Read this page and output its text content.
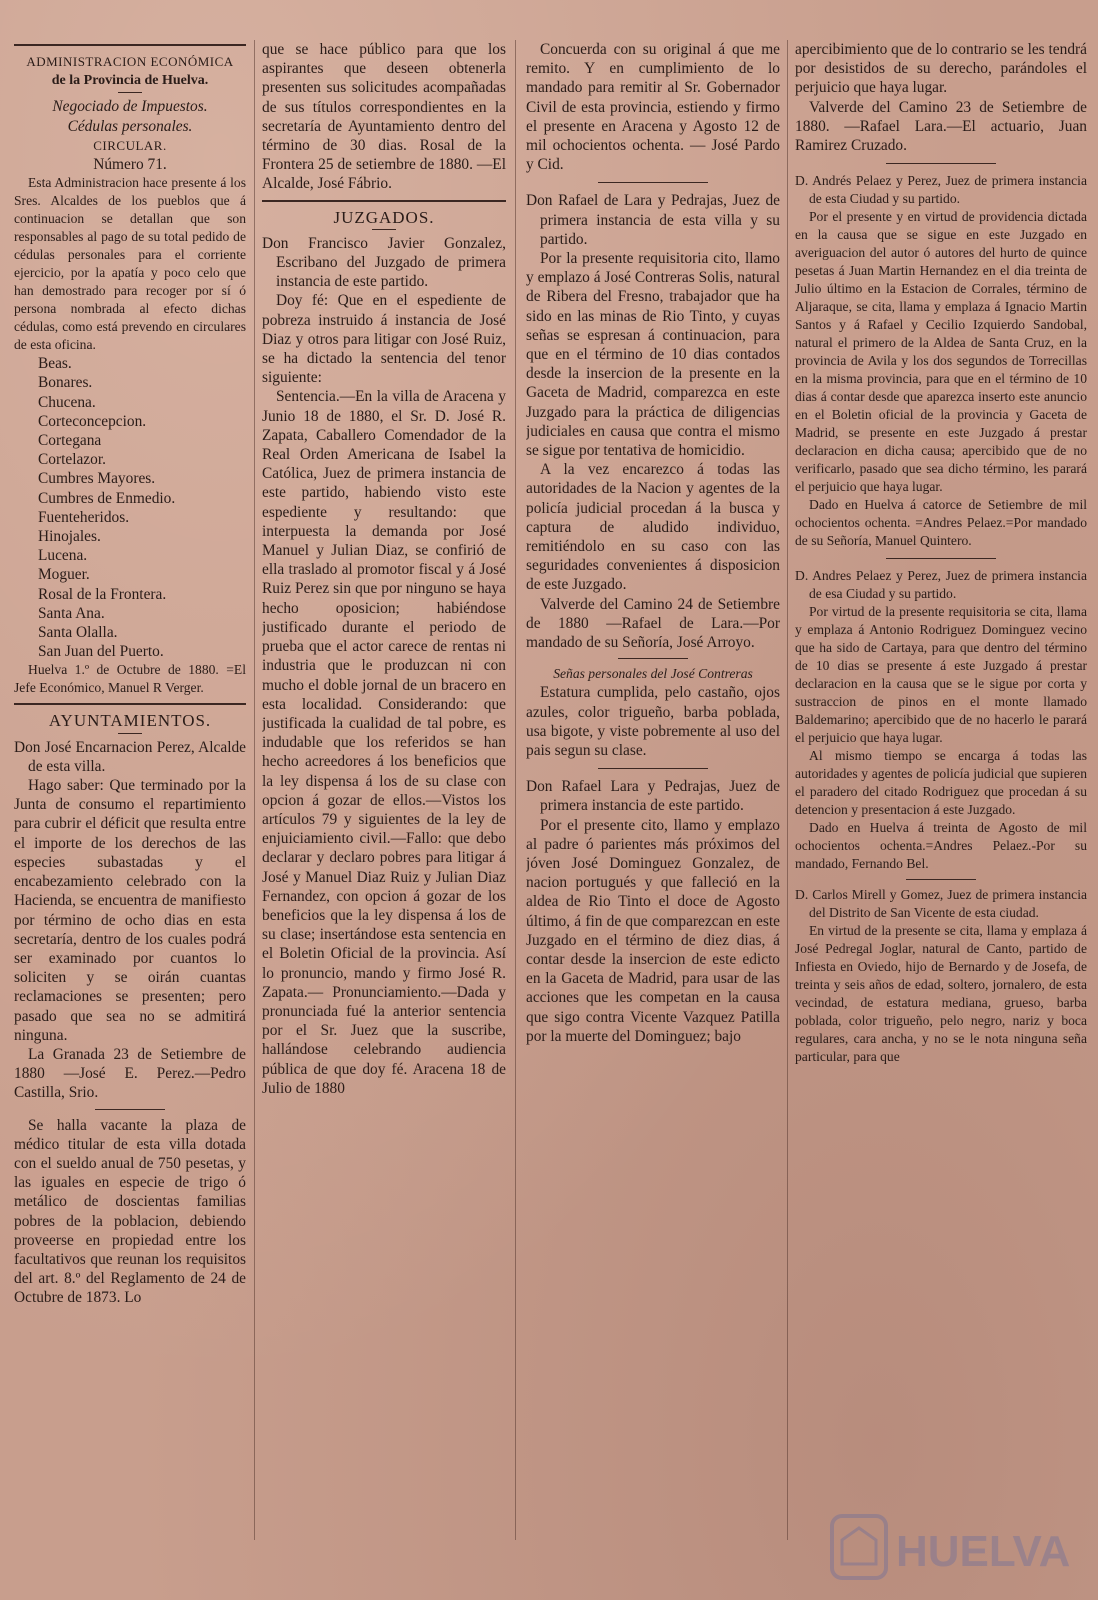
ADMINISTRACION ECONÓMICA

de la Provincia de Huelva.

Negociado de Impuestos.

Cédulas personales.

CIRCULAR.

Número 71.

Esta Administracion hace presente á los Sres. Alcaldes de los pueblos que á continuacion se detallan que son responsables al pago de su total pedido de cédulas personales para el corriente ejercicio, por la apatía y poco celo que han demostrado para recoger por sí ó persona nombrada al efecto dichas cédulas, como está prevendo en circulares de esta oficina.

Beas.

Bonares.

Chucena.

Corteconcepcion.

Cortegana

Cortelazor.

Cumbres Mayores.

Cumbres de Enmedio.

Fuenteheridos.

Hinojales.

Lucena.

Moguer.

Rosal de la Frontera.

Santa Ana.

Santa Olalla.

San Juan del Puerto.

Huelva 1.º de Octubre de 1880. =El Jefe Económico, Manuel R Verger.

AYUNTAMIENTOS.

Don José Encarnacion Perez, Alcalde de esta villa.

Hago saber: Que terminado por la Junta de consumo el repartimiento para cubrir el déficit que resulta entre el importe de los derechos de las especies subastadas y el encabezamiento celebrado con la Hacienda, se encuentra de manifiesto por término de ocho dias en esta secretaría, dentro de los cuales podrá ser examinado por cuantos lo soliciten y se oirán cuantas reclamaciones se presenten; pero pasado que sea no se admitirá ninguna.

La Granada 23 de Setiembre de 1880 —José E. Perez.—Pedro Castilla, Srio.

Se halla vacante la plaza de médico titular de esta villa dotada con el sueldo anual de 750 pesetas, y las iguales en especie de trigo ó metálico de doscientas familias pobres de la poblacion, debiendo proveerse en propiedad entre los facultativos que reunan los requisitos del art. 8.º del Reglamento de 24 de Octubre de 1873. Lo

que se hace público para que los aspirantes que deseen obtenerla presenten sus solicitudes acompañadas de sus títulos correspondientes en la secretaría de Ayuntamiento dentro del término de 30 dias. Rosal de la Frontera 25 de setiembre de 1880. —El Alcalde, José Fábrio.

JUZGADOS.

Don Francisco Javier Gonzalez, Escribano del Juzgado de primera instancia de este partido.

Doy fé: Que en el espediente de pobreza instruido á instancia de José Diaz y otros para litigar con José Ruiz, se ha dictado la sentencia del tenor siguiente:

Sentencia.—En la villa de Aracena y Junio 18 de 1880, el Sr. D. José R. Zapata, Caballero Comendador de la Real Orden Americana de Isabel la Católica, Juez de primera instancia de este partido, habiendo visto este espediente y resultando: que interpuesta la demanda por José Manuel y Julian Diaz, se confirió de ella traslado al promotor fiscal y á José Ruiz Perez sin que por ninguno se haya hecho oposicion; habiéndose justificado durante el periodo de prueba que el actor carece de rentas ni industria que le produzcan ni con mucho el doble jornal de un bracero en esta localidad. Considerando: que justificada la cualidad de tal pobre, es indudable que los referidos se han hecho acreedores á los beneficios que la ley dispensa á los de su clase con opcion á gozar de ellos.—Vistos los artículos 79 y siguientes de la ley de enjuiciamiento civil.—Fallo: que debo declarar y declaro pobres para litigar á José y Manuel Diaz Ruiz y Julian Diaz Fernandez, con opcion á gozar de los beneficios que la ley dispensa á los de su clase; insertándose esta sentencia en el Boletin Oficial de la provincia. Así lo pronuncio, mando y firmo José R. Zapata.— Pronunciamiento.—Dada y pronunciada fué la anterior sentencia por el Sr. Juez que la suscribe, hallándose celebrando audiencia pública de que doy fé. Aracena 18 de Julio de 1880

Concuerda con su original á que me remito. Y en cumplimiento de lo mandado para remitir al Sr. Gobernador Civil de esta provincia, estiendo y firmo el presente en Aracena y Agosto 12 de mil ochocientos ochenta. — José Pardo y Cid.

Don Rafael de Lara y Pedrajas, Juez de primera instancia de esta villa y su partido.

Por la presente requisitoria cito, llamo y emplazo á José Contreras Solis, natural de Ribera del Fresno, trabajador que ha sido en las minas de Rio Tinto, y cuyas señas se espresan á continuacion, para que en el término de 10 dias contados desde la insercion de la presente en la Gaceta de Madrid, comparezca en este Juzgado para la práctica de diligencias judiciales en causa que contra el mismo se sigue por tentativa de homicidio.

A la vez encarezco á todas las autoridades de la Nacion y agentes de la policía judicial procedan á la busca y captura de aludido individuo, remitiéndolo en su caso con las seguridades convenientes á disposicion de este Juzgado.

Valverde del Camino 24 de Setiembre de 1880 —Rafael de Lara.—Por mandado de su Señoría, José Arroyo.

Señas personales del José Contreras

Estatura cumplida, pelo castaño, ojos azules, color trigueño, barba poblada, usa bigote, y viste pobremente al uso del pais segun su clase.

Don Rafael Lara y Pedrajas, Juez de primera instancia de este partido.

Por el presente cito, llamo y emplazo al padre ó parientes más próximos del jóven José Dominguez Gonzalez, de nacion portugués y que falleció en la aldea de Rio Tinto el doce de Agosto último, á fin de que comparezcan en este Juzgado en el término de diez dias, á contar desde la insercion de este edicto en la Gaceta de Madrid, para usar de las acciones que les competan en la causa que sigo contra Vicente Vazquez Patilla por la muerte del Dominguez; bajo

apercibimiento que de lo contrario se les tendrá por desistidos de su derecho, parándoles el perjuicio que haya lugar.

Valverde del Camino 23 de Setiembre de 1880. —Rafael Lara.—El actuario, Juan Ramirez Cruzado.

D. Andrés Pelaez y Perez, Juez de primera instancia de esta Ciudad y su partido.

Por el presente y en virtud de providencia dictada en la causa que se sigue en este Juzgado en averiguacion del autor ó autores del hurto de quince pesetas á Juan Martin Hernandez en el dia treinta de Julio último en la Estacion de Corrales, término de Aljaraque, se cita, llama y emplaza á Ignacio Martin Santos y á Rafael y Cecilio Izquierdo Sandobal, natural el primero de la Aldea de Santa Cruz, en la provincia de Avila y los dos segundos de Torrecillas en la misma provincia, para que en el término de 10 dias á contar desde que aparezca inserto este anuncio en el Boletin oficial de la provincia y Gaceta de Madrid, se presente en este Juzgado á prestar declaracion en dicha causa; apercibido que de no verificarlo, pasado que sea dicho término, les parará el perjuicio que haya lugar.

Dado en Huelva á catorce de Setiembre de mil ochocientos ochenta. =Andres Pelaez.=Por mandado de su Señoría, Manuel Quintero.

D. Andres Pelaez y Perez, Juez de primera instancia de esa Ciudad y su partido.

Por virtud de la presente requisitoria se cita, llama y emplaza á Antonio Rodriguez Dominguez vecino que ha sido de Cartaya, para que dentro del término de 10 dias se presente á este Juzgado á prestar declaracion en la causa que se le sigue por corta y sustraccion de pinos en el monte llamado Baldemarino; apercibido que de no hacerlo le parará el perjuicio que haya lugar.

Al mismo tiempo se encarga á todas las autoridades y agentes de policía judicial que supieren el paradero del citado Rodriguez que procedan á su detencion y presentacion á este Juzgado.

Dado en Huelva á treinta de Agosto de mil ochocientos ochenta.=Andres Pelaez.-Por su mandado, Fernando Bel.

D. Carlos Mirell y Gomez, Juez de primera instancia del Distrito de San Vicente de esta ciudad.

En virtud de la presente se cita, llama y emplaza á José Pedregal Joglar, natural de Canto, partido de Infiesta en Oviedo, hijo de Bernardo y de Josefa, de treinta y seis años de edad, soltero, jornalero, de esta vecindad, de estatura mediana, grueso, barba poblada, color trigueño, pelo negro, nariz y boca regulares, cara ancha, y no se le nota ninguna seña particular, para que

HUELVA
